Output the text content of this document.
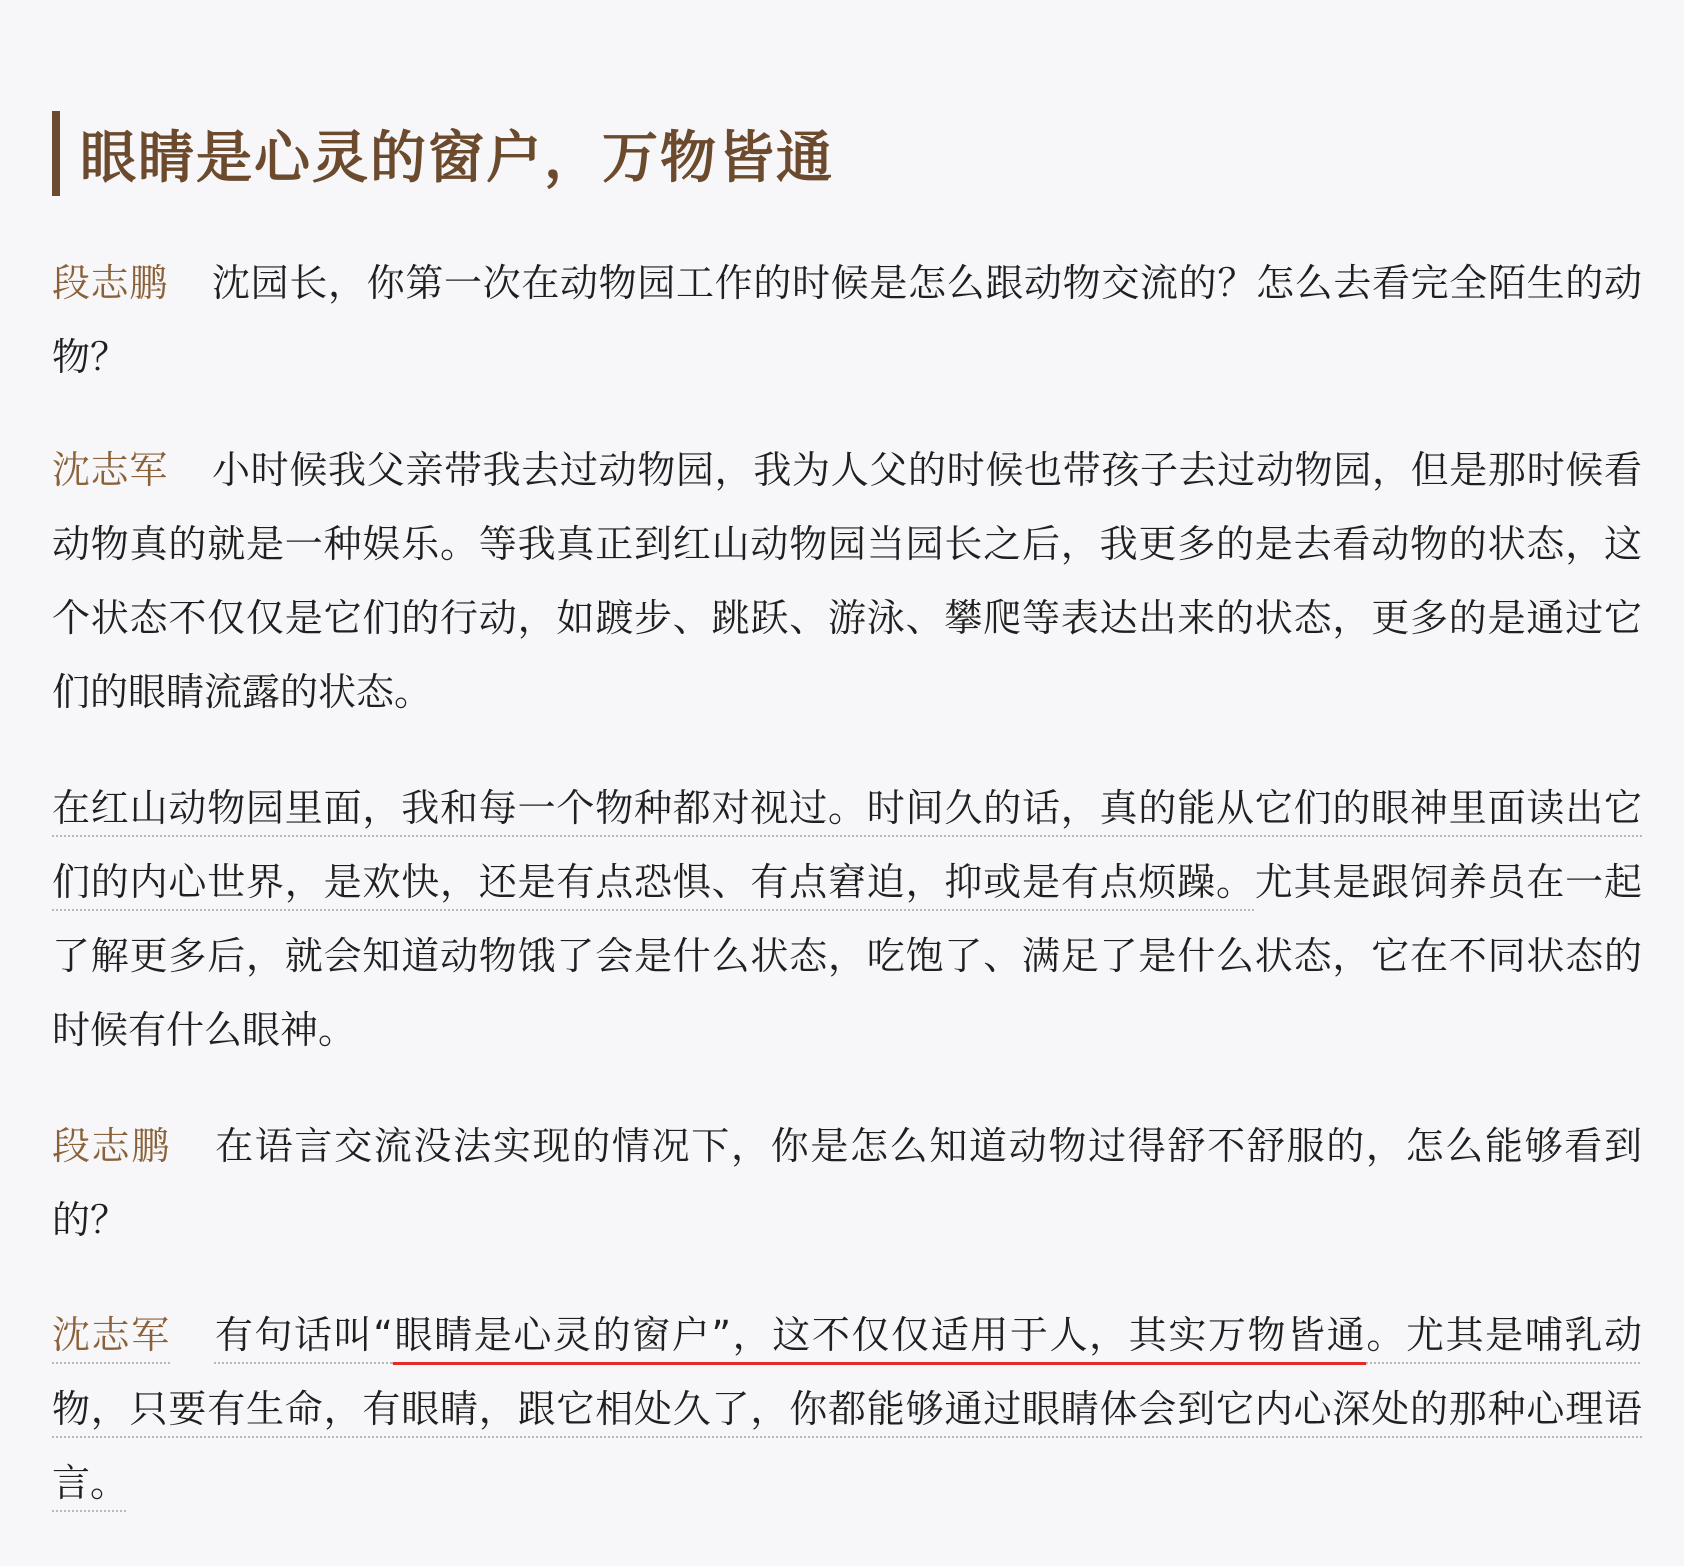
眼睛是心灵的窗户，万物皆通
段志鹏 沈园长，你第一次在动物园工作的时候是怎么跟动物交流的？怎么去看完全陌生的动物？
沈志军 小时候我父亲带我去过动物园，我为人父的时候也带孩子去过动物园，但是那时候看动物真的就是一种娱乐。等我真正到红山动物园当园长之后，我更多的是去看动物的状态，这个状态不仅仅是它们的行动，如踱步、跳跃、游泳、攀爬等表达出来的状态，更多的是通过它们的眼睛流露的状态。
在红山动物园里面，我和每一个物种都对视过。时间久的话，真的能从它们的眼神里面读出它们的内心世界，是欢快，还是有点恐惧、有点窘迫，抑或是有点烦躁。尤其是跟饲养员在一起了解更多后，就会知道动物饿了会是什么状态，吃饱了、满足了是什么状态，它在不同状态的时候有什么眼神。
段志鹏 在语言交流没法实现的情况下，你是怎么知道动物过得舒不舒服的，怎么能够看到的？
沈志军 有句话叫“眼睛是心灵的窗户”，这不仅仅适用于人，其实万物皆通。尤其是哺乳动物，只要有生命，有眼睛，跟它相处久了，你都能够通过眼睛体会到它内心深处的那种心理语言。
